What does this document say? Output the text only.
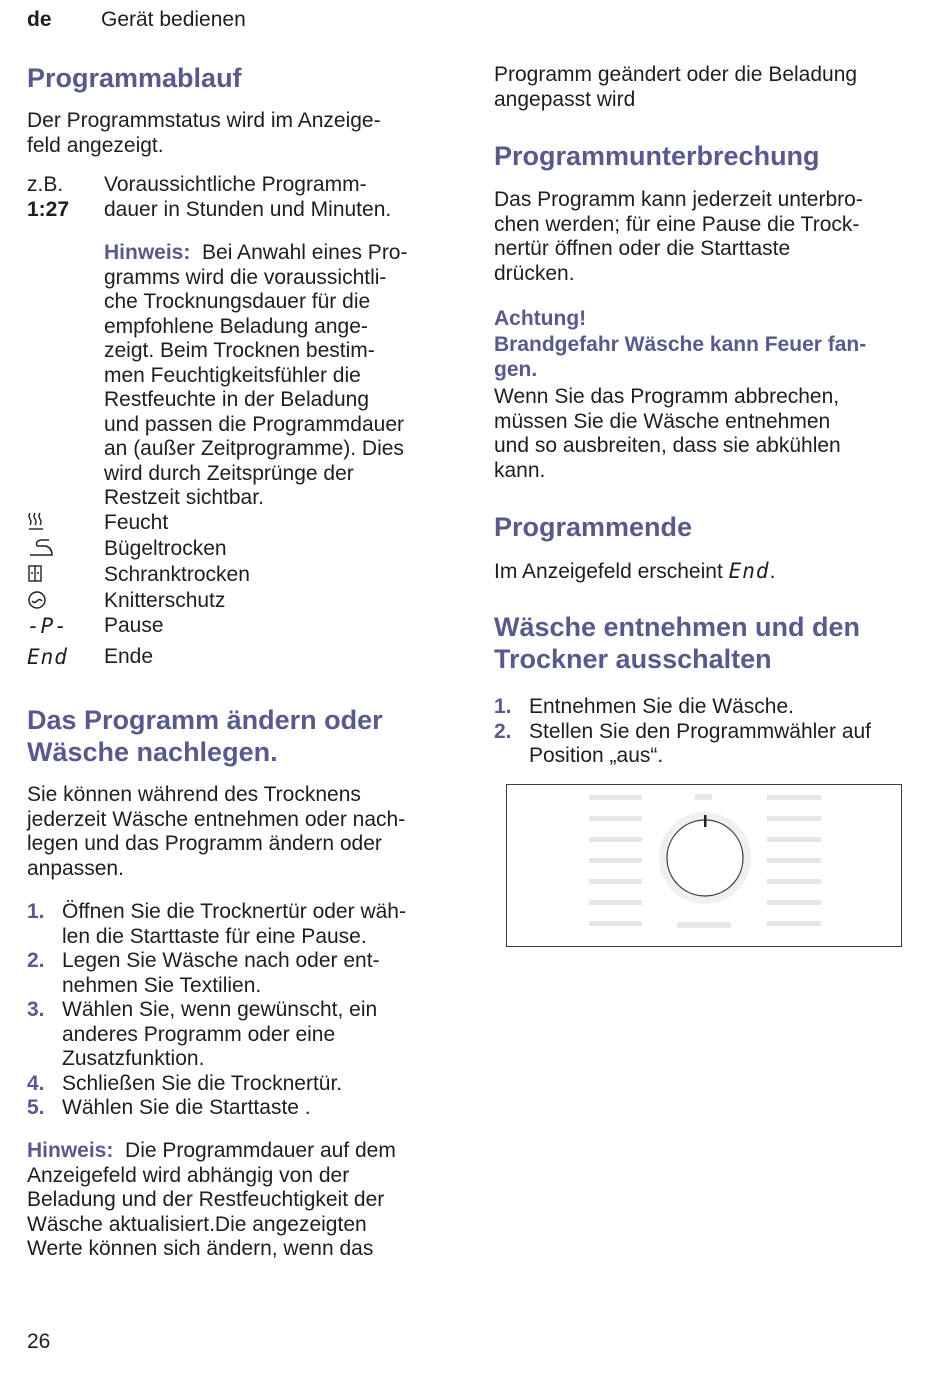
de Gerät bedienen
Programmablauf
Der Programmstatus wird im Anzeige-
feld angezeigt.
z.B.
1:27
Voraussichtliche Programm-
dauer in Stunden und Minuten.
Hinweis: Bei Anwahl eines Pro-
gramms wird die voraussichtli-
che Trocknungsdauer für die
empfohlene Beladung ange-
zeigt. Beim Trocknen bestim-
men Feuchtigkeitsfühler die
Restfeuchte in der Beladung
und passen die Programmdauer
an (außer Zeitprogramme). Dies
wird durch Zeitsprünge der
Restzeit sichtbar.
Feucht
Bügeltrocken
Schranktrocken
Knitterschutz
-P- Pause
End Ende
Das Programm ändern oder
Wäsche nachlegen.
Sie können während des Trocknens
jederzeit Wäsche entnehmen oder nach-
legen und das Programm ändern oder
anpassen.
1. Öffnen Sie die Trocknertür oder wäh-
len die Starttaste für eine Pause.
2. Legen Sie Wäsche nach oder ent-
nehmen Sie Textilien.
3. Wählen Sie, wenn gewünscht, ein
anderes Programm oder eine
Zusatzfunktion.
4. Schließen Sie die Trocknertür.
5. Wählen Sie die Starttaste .
Hinweis: Die Programmdauer auf dem
Anzeigefeld wird abhängig von der
Beladung und der Restfeuchtigkeit der
Wäsche aktualisiert.Die angezeigten
Werte können sich ändern, wenn das
Programm geändert oder die Beladung
angepasst wird
Programmunterbrechung
Das Programm kann jederzeit unterbro-
chen werden; für eine Pause die Trock-
nertür öffnen oder die Starttaste
drücken.
Achtung!
Brandgefahr Wäsche kann Feuer fan-
gen.
Wenn Sie das Programm abbrechen,
müssen Sie die Wäsche entnehmen
und so ausbreiten, dass sie abkühlen
kann.
Programmende
Im Anzeigefeld erscheint End.
Wäsche entnehmen und den
Trockner ausschalten
1. Entnehmen Sie die Wäsche.
2. Stellen Sie den Programmwähler auf
Position „aus“.
26
